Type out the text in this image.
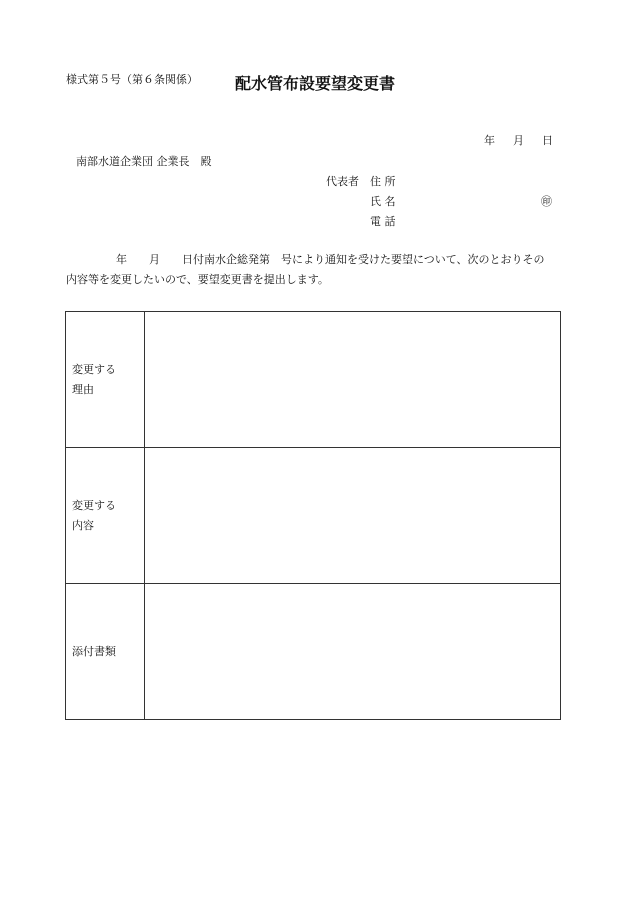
様式第５号（第６条関係）	配水管布設要望変更書
年 月 日
南部水道企業団 企業長　殿
代表者 住 所
氏 名	㊞
電 話
年　　月　　日付南水企総発第　号により通知を受けた要望について、次のとおりその
内容等を変更したいので、要望変更書を提出します。
変更する
理由	
変更する
内容	
添付書類	
